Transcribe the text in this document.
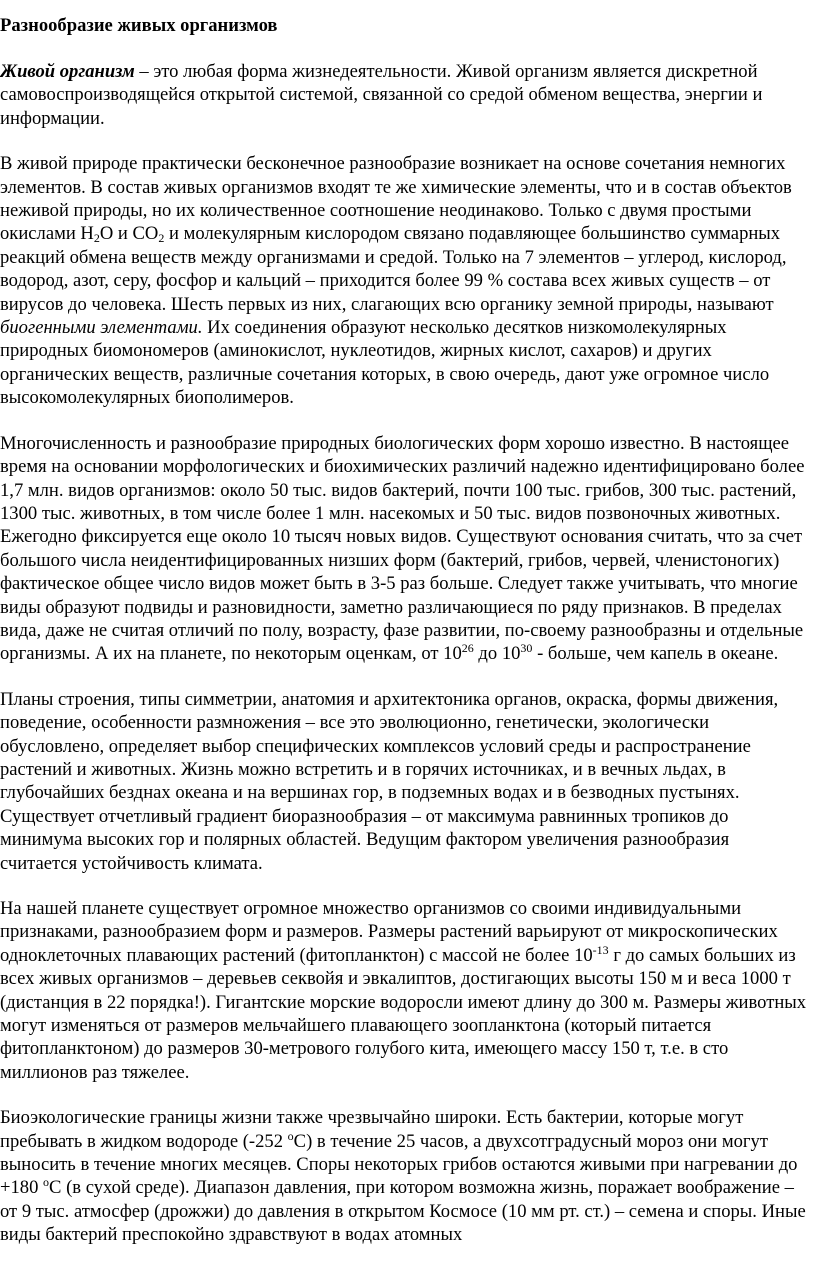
Разнообразие живых организмов

Живой организм – это любая форма жизнедеятельности. Живой организм является дискретной самовоспроизводящейся открытой системой, связанной со средой обменом вещества, энергии и информации.

В живой природе практически бесконечное разнообразие возникает на основе сочетания немногих элементов. В состав живых организмов входят те же химические элементы, что и в состав объектов неживой природы, но их количественное соотношение неодинаково. Только с двумя простыми окислами $H_2O$ и $CO_2$ и молекулярным кислородом связано подавляющее большинство суммарных реакций обмена веществ между организмами и средой. Только на 7 элементов – углерод, кислород, водород, азот, серу, фосфор и кальций – приходится более 99 % состава всех живых существ – от вирусов до человека. Шесть первых из них, слагающих всю органику земной природы, называют биогенными элементами. Их соединения образуют несколько десятков низкомолекулярных природных биомономеров (аминокислот, нуклеотидов, жирных кислот, сахаров) и других органических веществ, различные сочетания которых, в свою очередь, дают уже огромное число высокомолекулярных биополимеров.

Многочисленность и разнообразие природных биологических форм хорошо известно. В настоящее время на основании морфологических и биохимических различий надежно идентифицировано более 1,7 млн. видов организмов: около 50 тыс. видов бактерий, почти 100 тыс. грибов, 300 тыс. растений, 1300 тыс. животных, в том числе более 1 млн. насекомых и 50 тыс. видов позвоночных животных. Ежегодно фиксируется еще около 10 тысяч новых видов. Существуют основания считать, что за счет большого числа неидентифицированных низших форм (бактерий, грибов, червей, членистоногих) фактическое общее число видов может быть в 3-5 раз больше. Следует также учитывать, что многие виды образуют подвиды и разновидности, заметно различающиеся по ряду признаков. В пределах вида, даже не считая отличий по полу, возрасту, фазе развитии, по-своему разнообразны и отдельные организмы. А их на планете, по некоторым оценкам, от $10^{26}$ до $10^{30}$ - больше, чем капель в океане.

Планы строения, типы симметрии, анатомия и архитектоника органов, окраска, формы движения, поведение, особенности размножения – все это эволюционно, генетически, экологически обусловлено, определяет выбор специфических комплексов условий среды и распространение растений и животных. Жизнь можно встретить и в горячих источниках, и в вечных льдах, в глубочайших безднах океана и на вершинах гор, в подземных водах и в безводных пустынях. Существует отчетливый градиент биоразнообразия – от максимума равнинных тропиков до минимума высоких гор и полярных областей. Ведущим фактором увеличения разнообразия считается устойчивость климата.

На нашей планете существует огромное множество организмов со своими индивидуальными признаками, разнообразием форм и размеров. Размеры растений варьируют от микроскопических одноклеточных плавающих растений (фитопланктон) с массой не более $10^{-13}$ г до самых больших из всех живых организмов – деревьев секвойя и эвкалиптов, достигающих высоты 150 м и веса 1000 т (дистанция в 22 порядка!). Гигантские морские водоросли имеют длину до 300 м. Размеры животных могут изменяться от размеров мельчайшего плавающего зоопланктона (который питается фитопланктоном) до размеров 30-метрового голубого кита, имеющего массу 150 т, т.е. в сто миллионов раз тяжелее.

Биоэкологические границы жизни также чрезвычайно широки. Есть бактерии, которые могут пребывать в жидком водороде (-252 $^о$С) в течение 25 часов, а двухсотградусный мороз они могут выносить в течение многих месяцев. Споры некоторых грибов остаются живыми при нагревании до +180 $^о$С (в сухой среде). Диапазон давления, при котором возможна жизнь, поражает воображение – от 9 тыс. атмосфер (дрожжи) до давления в открытом Космосе (10 мм рт. ст.) – семена и споры. Иные виды бактерий преспокойно здравствуют в водах атомных
